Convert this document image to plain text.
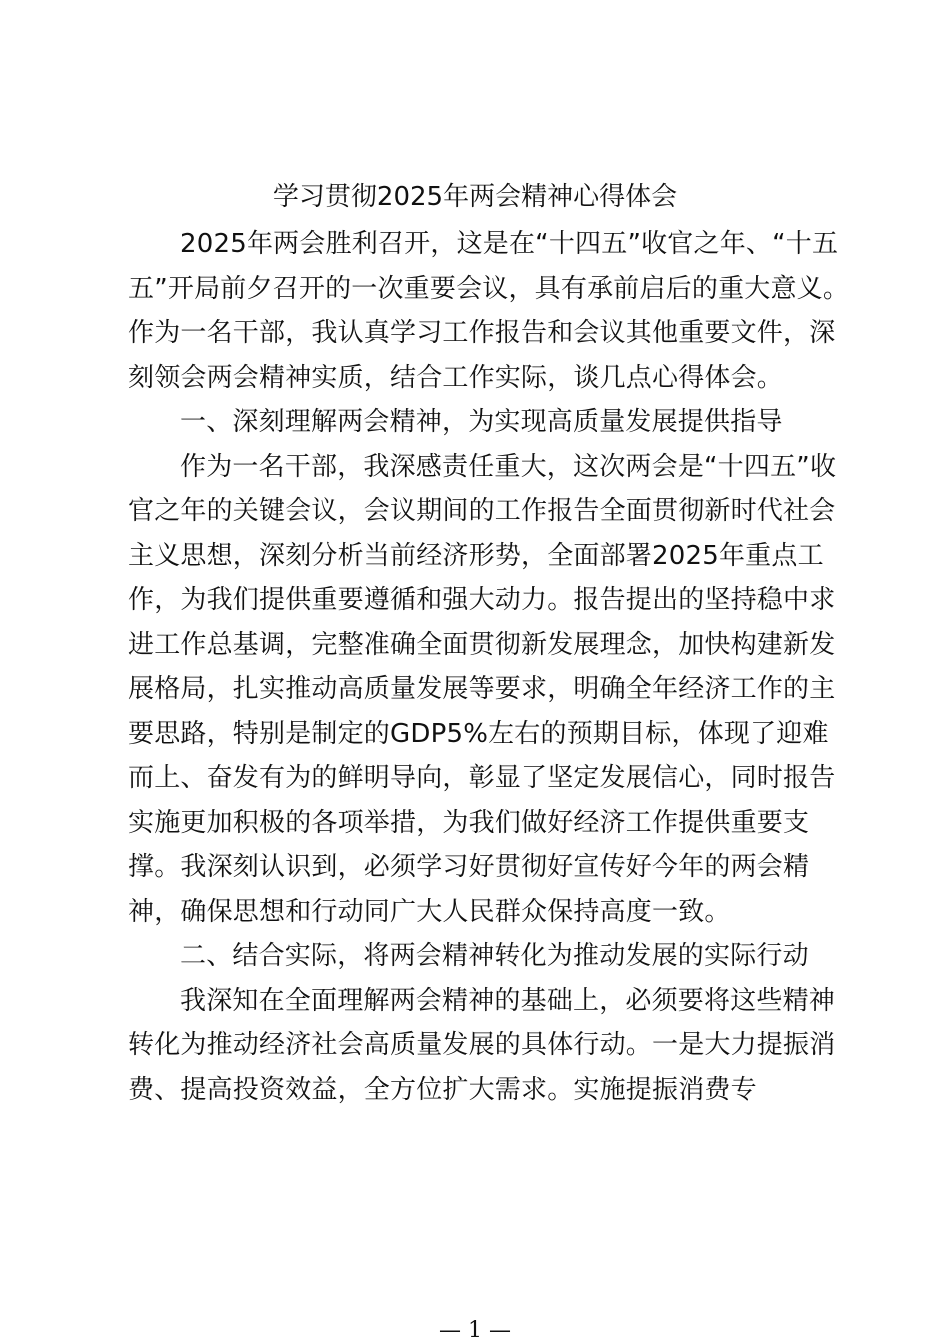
学习贯彻2025年两会精神心得体会
2025年两会胜利召开，这是在“十四五”收官之年、“十五
五”开局前夕召开的一次重要会议，具有承前启后的重大意义。
作为一名干部，我认真学习工作报告和会议其他重要文件，深
刻领会两会精神实质，结合工作实际，谈几点心得体会。
一、深刻理解两会精神，为实现高质量发展提供指导
作为一名干部，我深感责任重大，这次两会是“十四五”收
官之年的关键会议，会议期间的工作报告全面贯彻新时代社会
主义思想，深刻分析当前经济形势，全面部署2025年重点工
作，为我们提供重要遵循和强大动力。报告提出的坚持稳中求
进工作总基调，完整准确全面贯彻新发展理念，加快构建新发
展格局，扎实推动高质量发展等要求，明确全年经济工作的主
要思路，特别是制定的GDP5%左右的预期目标，体现了迎难
而上、奋发有为的鲜明导向，彰显了坚定发展信心，同时报告
实施更加积极的各项举措，为我们做好经济工作提供重要支
撑。我深刻认识到，必须学习好贯彻好宣传好今年的两会精
神，确保思想和行动同广大人民群众保持高度一致。
二、结合实际，将两会精神转化为推动发展的实际行动
我深知在全面理解两会精神的基础上，必须要将这些精神
转化为推动经济社会高质量发展的具体行动。一是大力提振消
费、提高投资效益，全方位扩大需求。实施提振消费专
— 1 —
